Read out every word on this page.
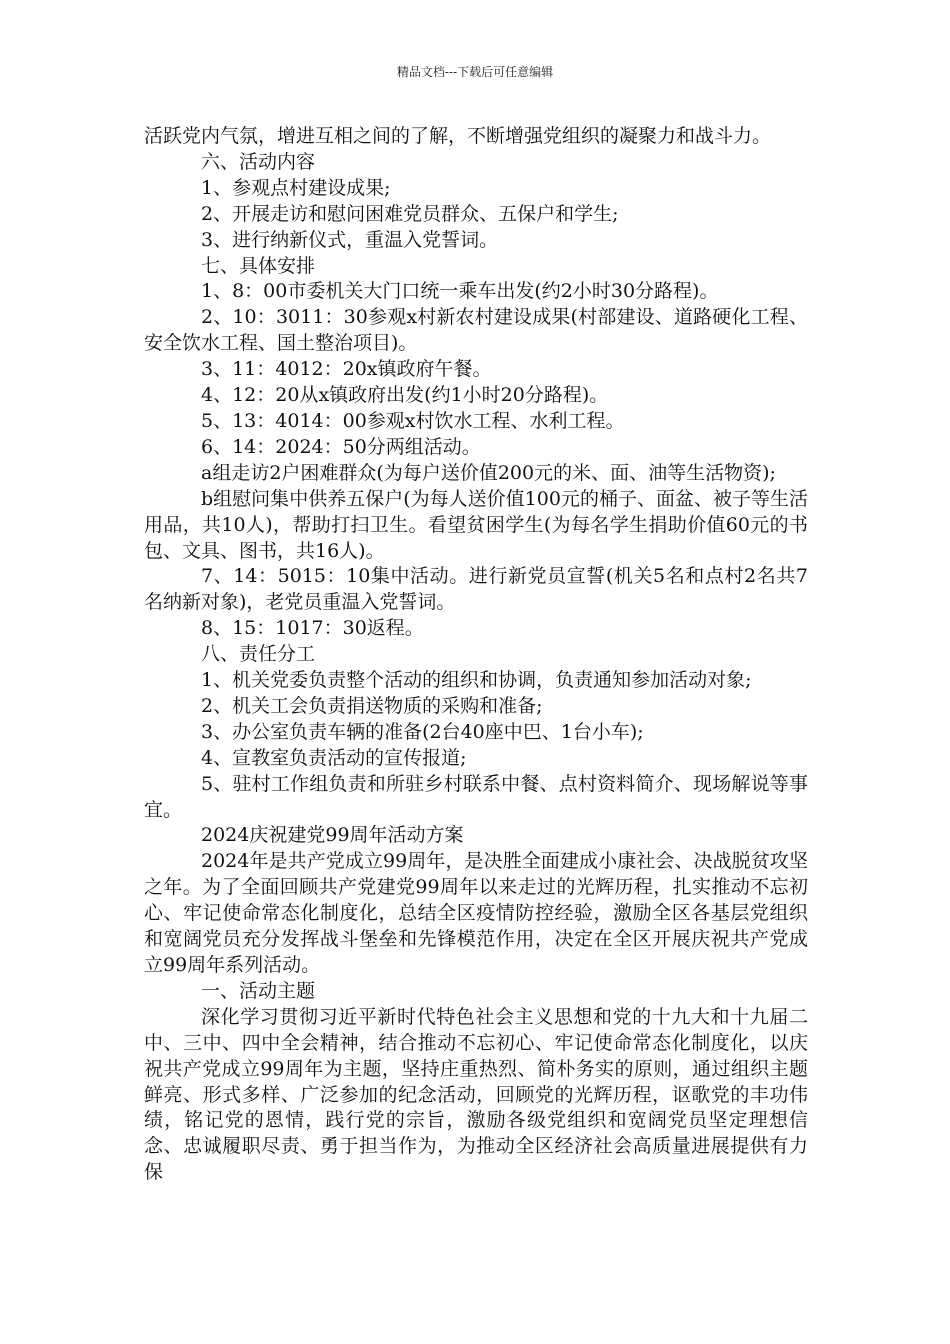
精品文档---下载后可任意编辑

活跃党内气氛，增进互相之间的了解，不断增强党组织的凝聚力和战斗力。

六、活动内容

1、参观点村建设成果;

2、开展走访和慰问困难党员群众、五保户和学生;

3、进行纳新仪式，重温入党誓词。

七、具体安排

1、8：00市委机关大门口统一乘车出发(约2小时30分路程)。

2、10：3011：30参观x村新农村建设成果(村部建设、道路硬化工程、安全饮水工程、国土整治项目)。

3、11：4012：20x镇政府午餐。

4、12：20从x镇政府出发(约1小时20分路程)。

5、13：4014：00参观x村饮水工程、水利工程。

6、14：2024：50分两组活动。

a组走访2户困难群众(为每户送价值200元的米、面、油等生活物资);

b组慰问集中供养五保户(为每人送价值100元的桶子、面盆、被子等生活用品，共10人)，帮助打扫卫生。看望贫困学生(为每名学生捐助价值60元的书包、文具、图书，共16人)。

7、14：5015：10集中活动。进行新党员宣誓(机关5名和点村2名共7名纳新对象)，老党员重温入党誓词。

8、15：1017：30返程。

八、责任分工

1、机关党委负责整个活动的组织和协调，负责通知参加活动对象;

2、机关工会负责捐送物质的采购和准备;

3、办公室负责车辆的准备(2台40座中巴、1台小车);

4、宣教室负责活动的宣传报道;

5、驻村工作组负责和所驻乡村联系中餐、点村资料简介、现场解说等事宜。

2024庆祝建党99周年活动方案

2024年是共产党成立99周年，是决胜全面建成小康社会、决战脱贫攻坚之年。为了全面回顾共产党建党99周年以来走过的光辉历程，扎实推动不忘初心、牢记使命常态化制度化，总结全区疫情防控经验，激励全区各基层党组织和宽阔党员充分发挥战斗堡垒和先锋模范作用，决定在全区开展庆祝共产党成立99周年系列活动。

一、活动主题

深化学习贯彻习近平新时代特色社会主义思想和党的十九大和十九届二中、三中、四中全会精神，结合推动不忘初心、牢记使命常态化制度化，以庆祝共产党成立99周年为主题，坚持庄重热烈、简朴务实的原则，通过组织主题鲜亮、形式多样、广泛参加的纪念活动，回顾党的光辉历程，讴歌党的丰功伟绩，铭记党的恩情，践行党的宗旨，激励各级党组织和宽阔党员坚定理想信念、忠诚履职尽责、勇于担当作为，为推动全区经济社会高质量进展提供有力保
